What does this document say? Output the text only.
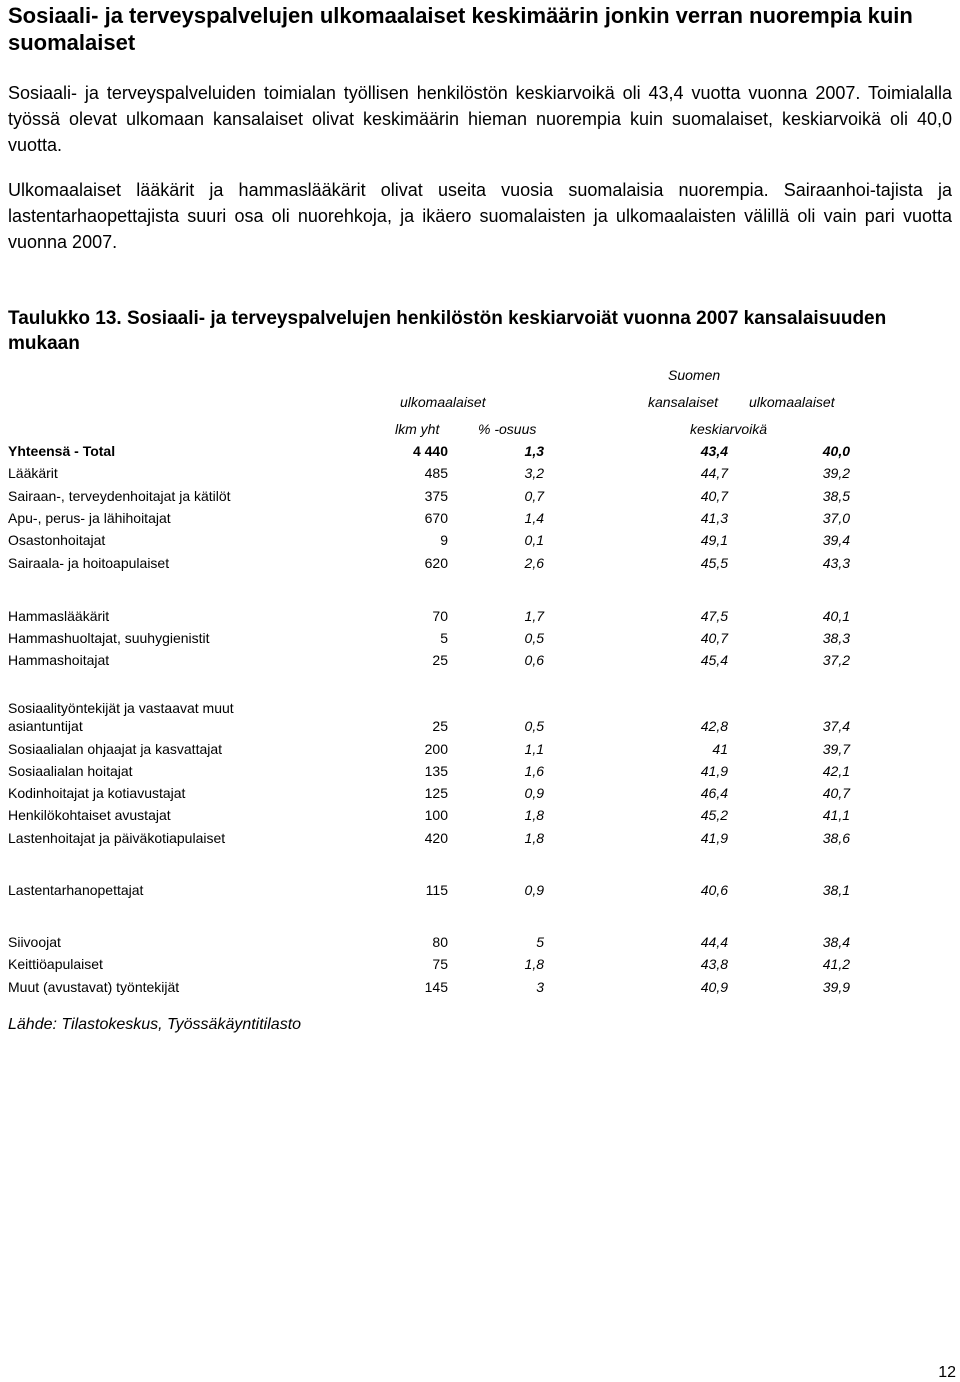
Sosiaali- ja terveyspalvelujen ulkomaalaiset keskimäärin jonkin verran nuorempia kuin suomalaiset

Sosiaali- ja terveyspalveluiden toimialan työllisen henkilöstön keskiarvoikä oli 43,4 vuotta vuonna 2007. Toimialalla työssä olevat ulkomaan kansalaiset olivat keskimäärin hieman nuorempia kuin suomalaiset, keskiarvoikä oli 40,0 vuotta.

Ulkomaalaiset lääkärit ja hammaslääkärit olivat useita vuosia suomalaisia nuorempia. Sairaanhoi-tajista ja lastentarhaopettajista suuri osa oli nuorehkoja, ja ikäero suomalaisten ja ulkomaalaisten välillä oli vain pari vuotta vuonna 2007.

Taulukko 13. Sosiaali- ja terveyspalvelujen henkilöstön keskiarvoiät vuonna 2007 kansalaisuuden mukaan

Suomen
ulkomaalaiset	kansalaiset ulkomaalaiset
lkm yht	% -osuus	keskiarvoikä
Yhteensä - Total	4 440	1,3	43,4	40,0
Lääkärit	485	3,2	44,7	39,2
Sairaan-, terveydenhoitajat ja kätilöt	375	0,7	40,7	38,5
Apu-, perus- ja lähihoitajat	670	1,4	41,3	37,0
Osastonhoitajat	9	0,1	49,1	39,4
Sairaala- ja hoitoapulaiset	620	2,6	45,5	43,3
Hammaslääkärit	70	1,7	47,5	40,1
Hammashuoltajat, suuhygienistit	5	0,5	40,7	38,3
Hammashoitajat	25	0,6	45,4	37,2
Sosiaalityöntekijät ja vastaavat muut
asiantuntijat	25	0,5	42,8	37,4
Sosiaalialan ohjaajat ja kasvattajat	200	1,1	41	39,7
Sosiaalialan hoitajat	135	1,6	41,9	42,1
Kodinhoitajat ja kotiavustajat	125	0,9	46,4	40,7
Henkilökohtaiset avustajat	100	1,8	45,2	41,1
Lastenhoitajat ja päiväkotiapulaiset	420	1,8	41,9	38,6
Lastentarhanopettajat	115	0,9	40,6	38,1
Siivoojat	80	5	44,4	38,4
Keittiöapulaiset	75	1,8	43,8	41,2
Muut (avustavat) työntekijät	145	3	40,9	39,9
Lähde: Tilastokeskus, Työssäkäyntitilasto
12
